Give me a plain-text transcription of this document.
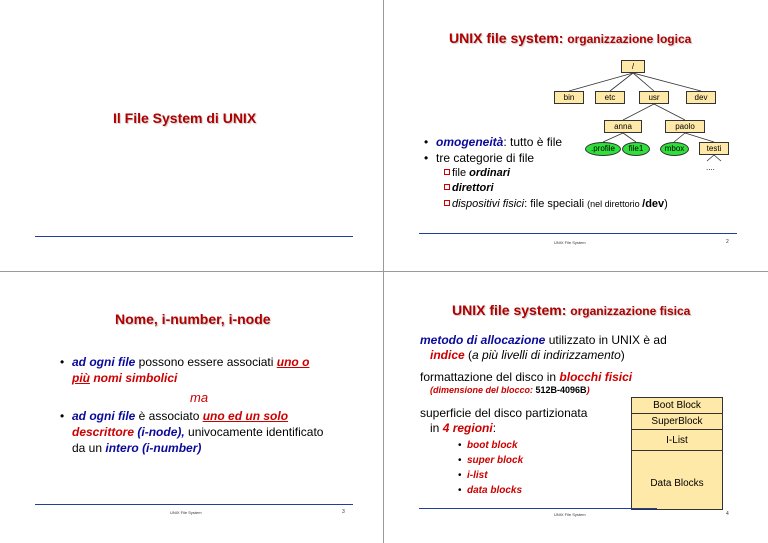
Il File System di UNIX
UNIX file system: organizzazione logica
/
bin	etc	usr	dev
anna	paolo
.profile	file1	mbox	testi
....
• omogeneità: tutto è file
• tre categorie di file
file ordinari
direttori
dispositivi fisici: file speciali (nel direttorio /dev)
UNIX File System	2
Nome, i-number, i-node
• ad ogni file possono essere associati uno o
più nomi simbolici
ma
• ad ogni file è associato uno ed un solo
descrittore (i-node), univocamente identificato
da un intero (i-number)
UNIX File System	3
UNIX file system: organizzazione fisica
metodo di allocazione utilizzato in UNIX è ad
indice (a più livelli di indirizzamento)
formattazione del disco in blocchi fisici
(dimensione del blocco: 512B-4096B)
superficie del disco partizionata
in 4 regioni:
• boot block
• super block
• i-list
• data blocks
Boot Block
SuperBlock
I-List
Data Blocks
UNIX File System	4
